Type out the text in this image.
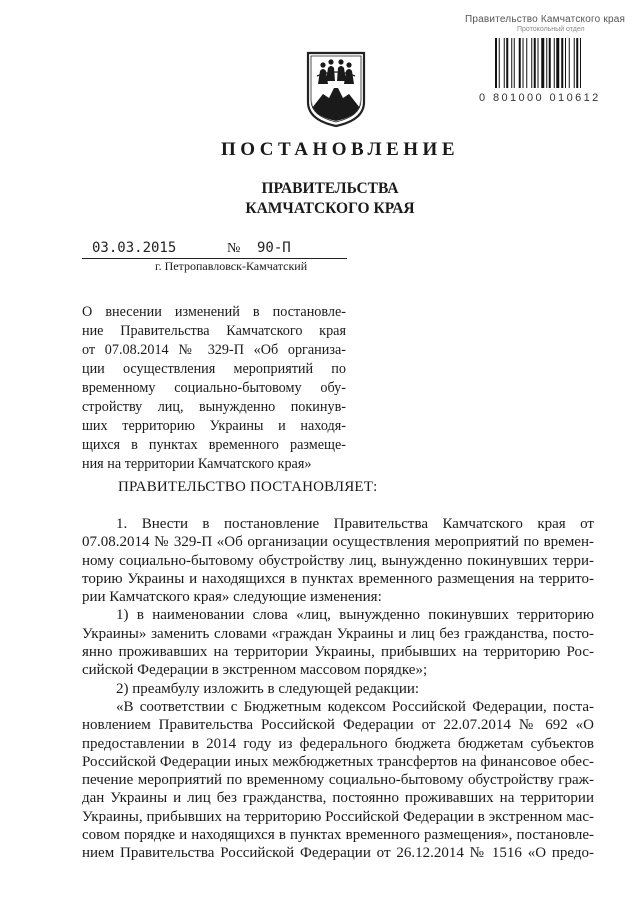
Правительство Камчатского края
Протокольный отдел
0 801000 010612
ПОСТАНОВЛЕНИЕ
ПРАВИТЕЛЬСТВА
КАМЧАТСКОГО КРАЯ
03.03.2015	№ 90-П
г. Петропавловск-Камчатский
О внесении изменений в постановле-
ние Правительства Камчатского края
от 07.08.2014 № 329-П «Об организа-
ции осуществления мероприятий по
временному социально-бытовому обу-
стройству лиц, вынужденно покинув-
ших территорию Украины и находя-
щихся в пунктах временного размеще-
ния на территории Камчатского края»
ПРАВИТЕЛЬСТВО ПОСТАНОВЛЯЕТ:
1. Внести в постановление Правительства Камчатского края от
07.08.2014 № 329-П «Об организации осуществления мероприятий по времен-
ному социально-бытовому обустройству лиц, вынужденно покинувших терри-
торию Украины и находящихся в пунктах временного размещения на террито-
рии Камчатского края» следующие изменения:
1) в наименовании слова «лиц, вынужденно покинувших территорию
Украины» заменить словами «граждан Украины и лиц без гражданства, посто-
янно проживавших на территории Украины, прибывших на территорию Рос-
сийской Федерации в экстренном массовом порядке»;
2) преамбулу изложить в следующей редакции:
«В соответствии с Бюджетным кодексом Российской Федерации, поста-
новлением Правительства Российской Федерации от 22.07.2014 № 692 «О
предоставлении в 2014 году из федерального бюджета бюджетам субъектов
Российской Федерации иных межбюджетных трансфертов на финансовое обес-
печение мероприятий по временному социально-бытовому обустройству граж-
дан Украины и лиц без гражданства, постоянно проживавших на территории
Украины, прибывших на территорию Российской Федерации в экстренном мас-
совом порядке и находящихся в пунктах временного размещения», постановле-
нием Правительства Российской Федерации от 26.12.2014 № 1516 «О предо-
